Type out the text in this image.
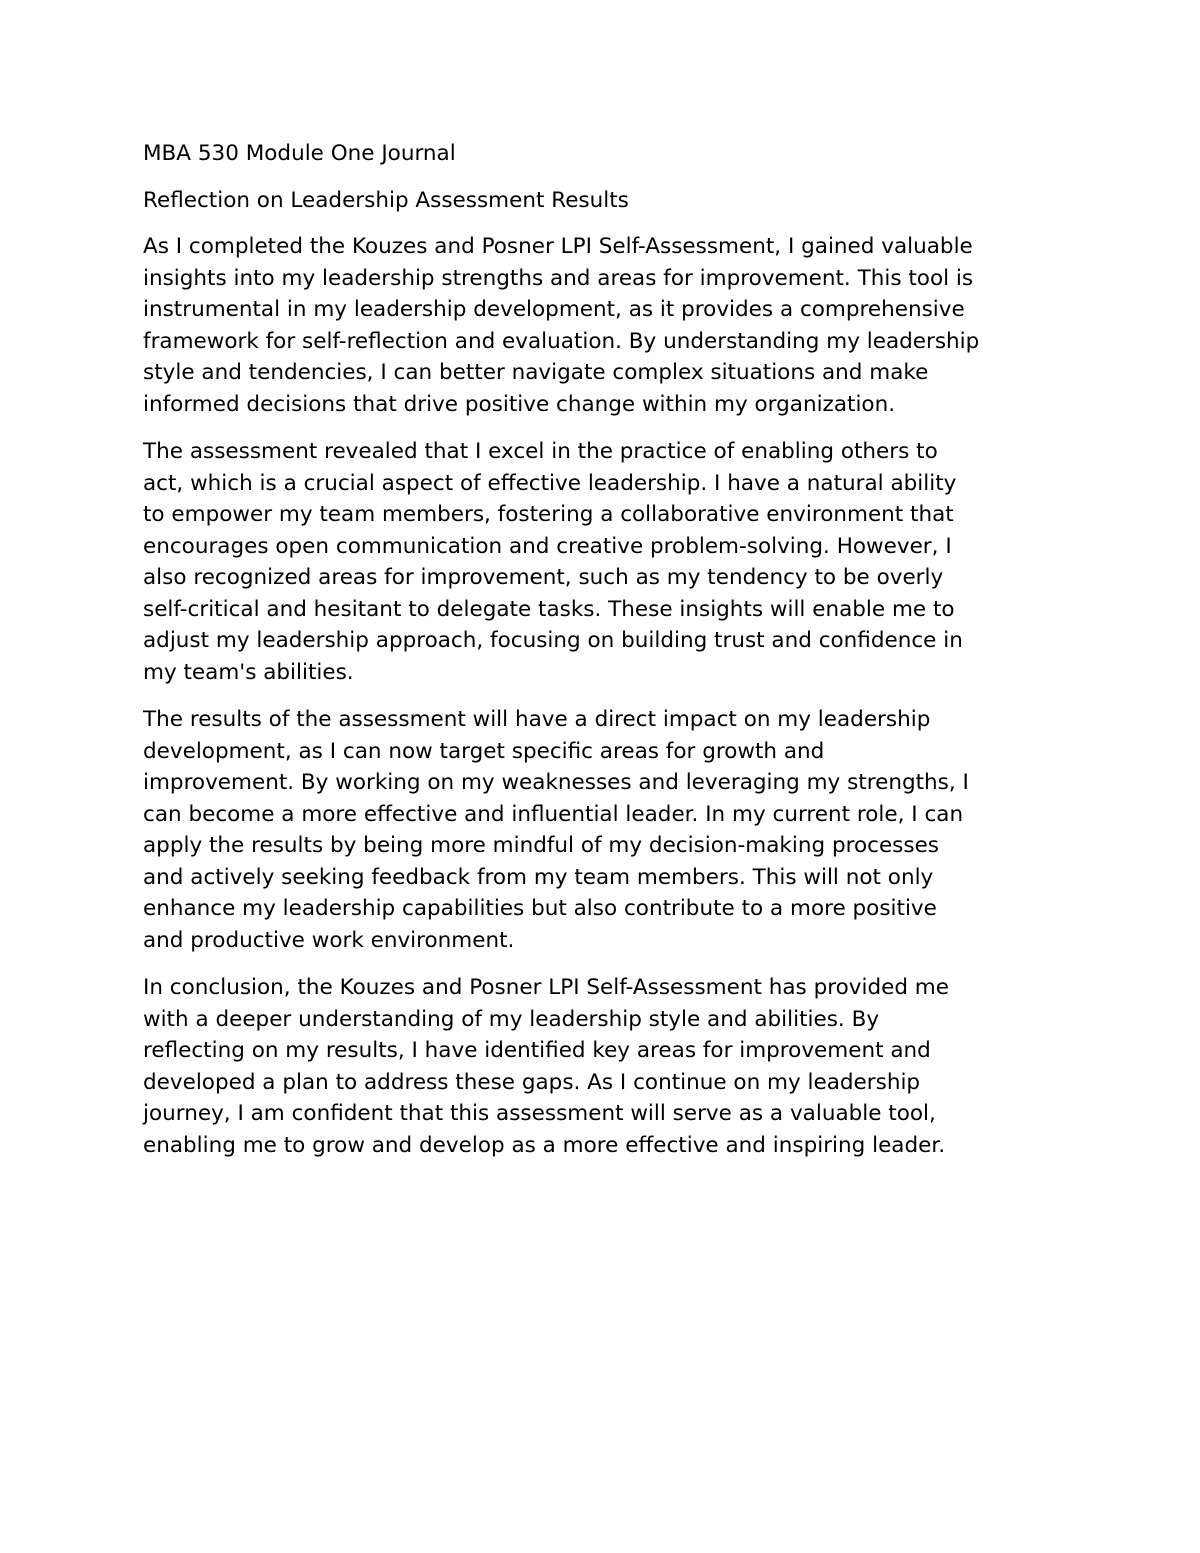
MBA 530 Module One Journal
Reflection on Leadership Assessment Results
As I completed the Kouzes and Posner LPI Self-Assessment, I gained valuable
insights into my leadership strengths and areas for improvement. This tool is
instrumental in my leadership development, as it provides a comprehensive
framework for self-reflection and evaluation. By understanding my leadership
style and tendencies, I can better navigate complex situations and make
informed decisions that drive positive change within my organization.
The assessment revealed that I excel in the practice of enabling others to
act, which is a crucial aspect of effective leadership. I have a natural ability
to empower my team members, fostering a collaborative environment that
encourages open communication and creative problem-solving. However, I
also recognized areas for improvement, such as my tendency to be overly
self-critical and hesitant to delegate tasks. These insights will enable me to
adjust my leadership approach, focusing on building trust and confidence in
my team's abilities.
The results of the assessment will have a direct impact on my leadership
development, as I can now target specific areas for growth and
improvement. By working on my weaknesses and leveraging my strengths, I
can become a more effective and influential leader. In my current role, I can
apply the results by being more mindful of my decision-making processes
and actively seeking feedback from my team members. This will not only
enhance my leadership capabilities but also contribute to a more positive
and productive work environment.
In conclusion, the Kouzes and Posner LPI Self-Assessment has provided me
with a deeper understanding of my leadership style and abilities. By
reflecting on my results, I have identified key areas for improvement and
developed a plan to address these gaps. As I continue on my leadership
journey, I am confident that this assessment will serve as a valuable tool,
enabling me to grow and develop as a more effective and inspiring leader.
